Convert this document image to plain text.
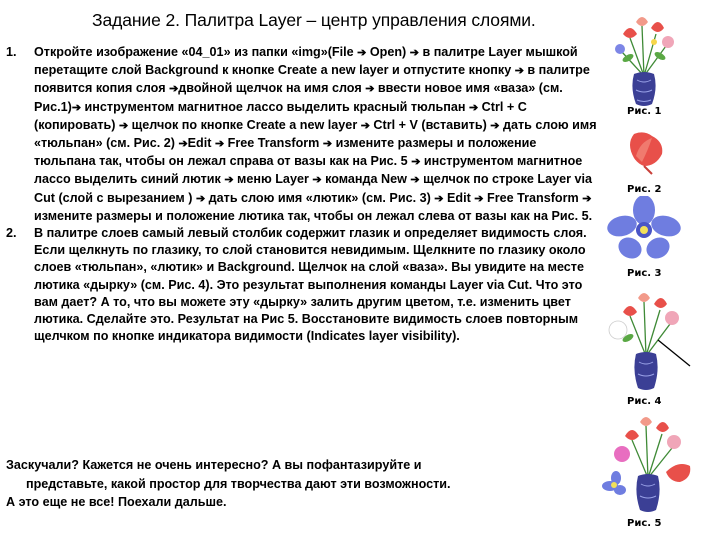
Задание 2. Палитра Layer – центр управления слоями.
1.	Откройте изображение «04_01» из папки «img»(File ➔ Open) ➔ в палитре Layer мышкой перетащите слой Background к кнопке Create a new layer и отпустите кнопку ➔ в палитре появится копия слоя ➔двойной щелчок на имя слоя ➔ ввести новое имя «ваза» (см. Рис.1)➔ инструментом магнитное лассо выделить красный тюльпан ➔ Ctrl + C (копировать) ➔ щелчок по кнопке Create a new layer ➔ Ctrl + V (вставить) ➔ дать слою имя «тюльпан» (см. Рис. 2) ➔Edit ➔ Free Transform ➔ измените размеры и положение тюльпана так, чтобы он лежал справа от вазы как на Рис. 5 ➔ инструментом магнитное лассо выделить синий лютик ➔ меню Layer ➔ команда New ➔ щелчок по строке Layer via Cut (слой с вырезанием ) ➔ дать слою имя «лютик» (см. Рис. 3) ➔ Edit ➔ Free Transform ➔ измените размеры и положение лютика так, чтобы он лежал слева от вазы как на Рис. 5.
2.	В палитре слоев самый левый столбик содержит глазик и определяет видимость слоя. Если щелкнуть по глазику, то слой становится невидимым. Щелкните по глазику около слоев «тюльпан», «лютик» и Background. Щелчок на слой «ваза». Вы увидите на месте лютика «дырку» (см. Рис. 4). Это результат выполнения команды Layer via Cut. Что это вам дает? А то, что вы можете эту «дырку» залить другим цветом, т.е. изменить цвет лютика. Сделайте это. Результат на Рис 5. Восстановите видимость слоев повторным щелчком по кнопке индикатора видимости (Indicates layer visibility).
Заскучали? Кажется не очень интересно? А вы пофантазируйте и
представьте, какой простор для творчества дают эти возможности.
А это еще не все! Поехали дальше.
Рис. 1
Рис. 2
Рис. 3
Рис. 4
Рис. 5
